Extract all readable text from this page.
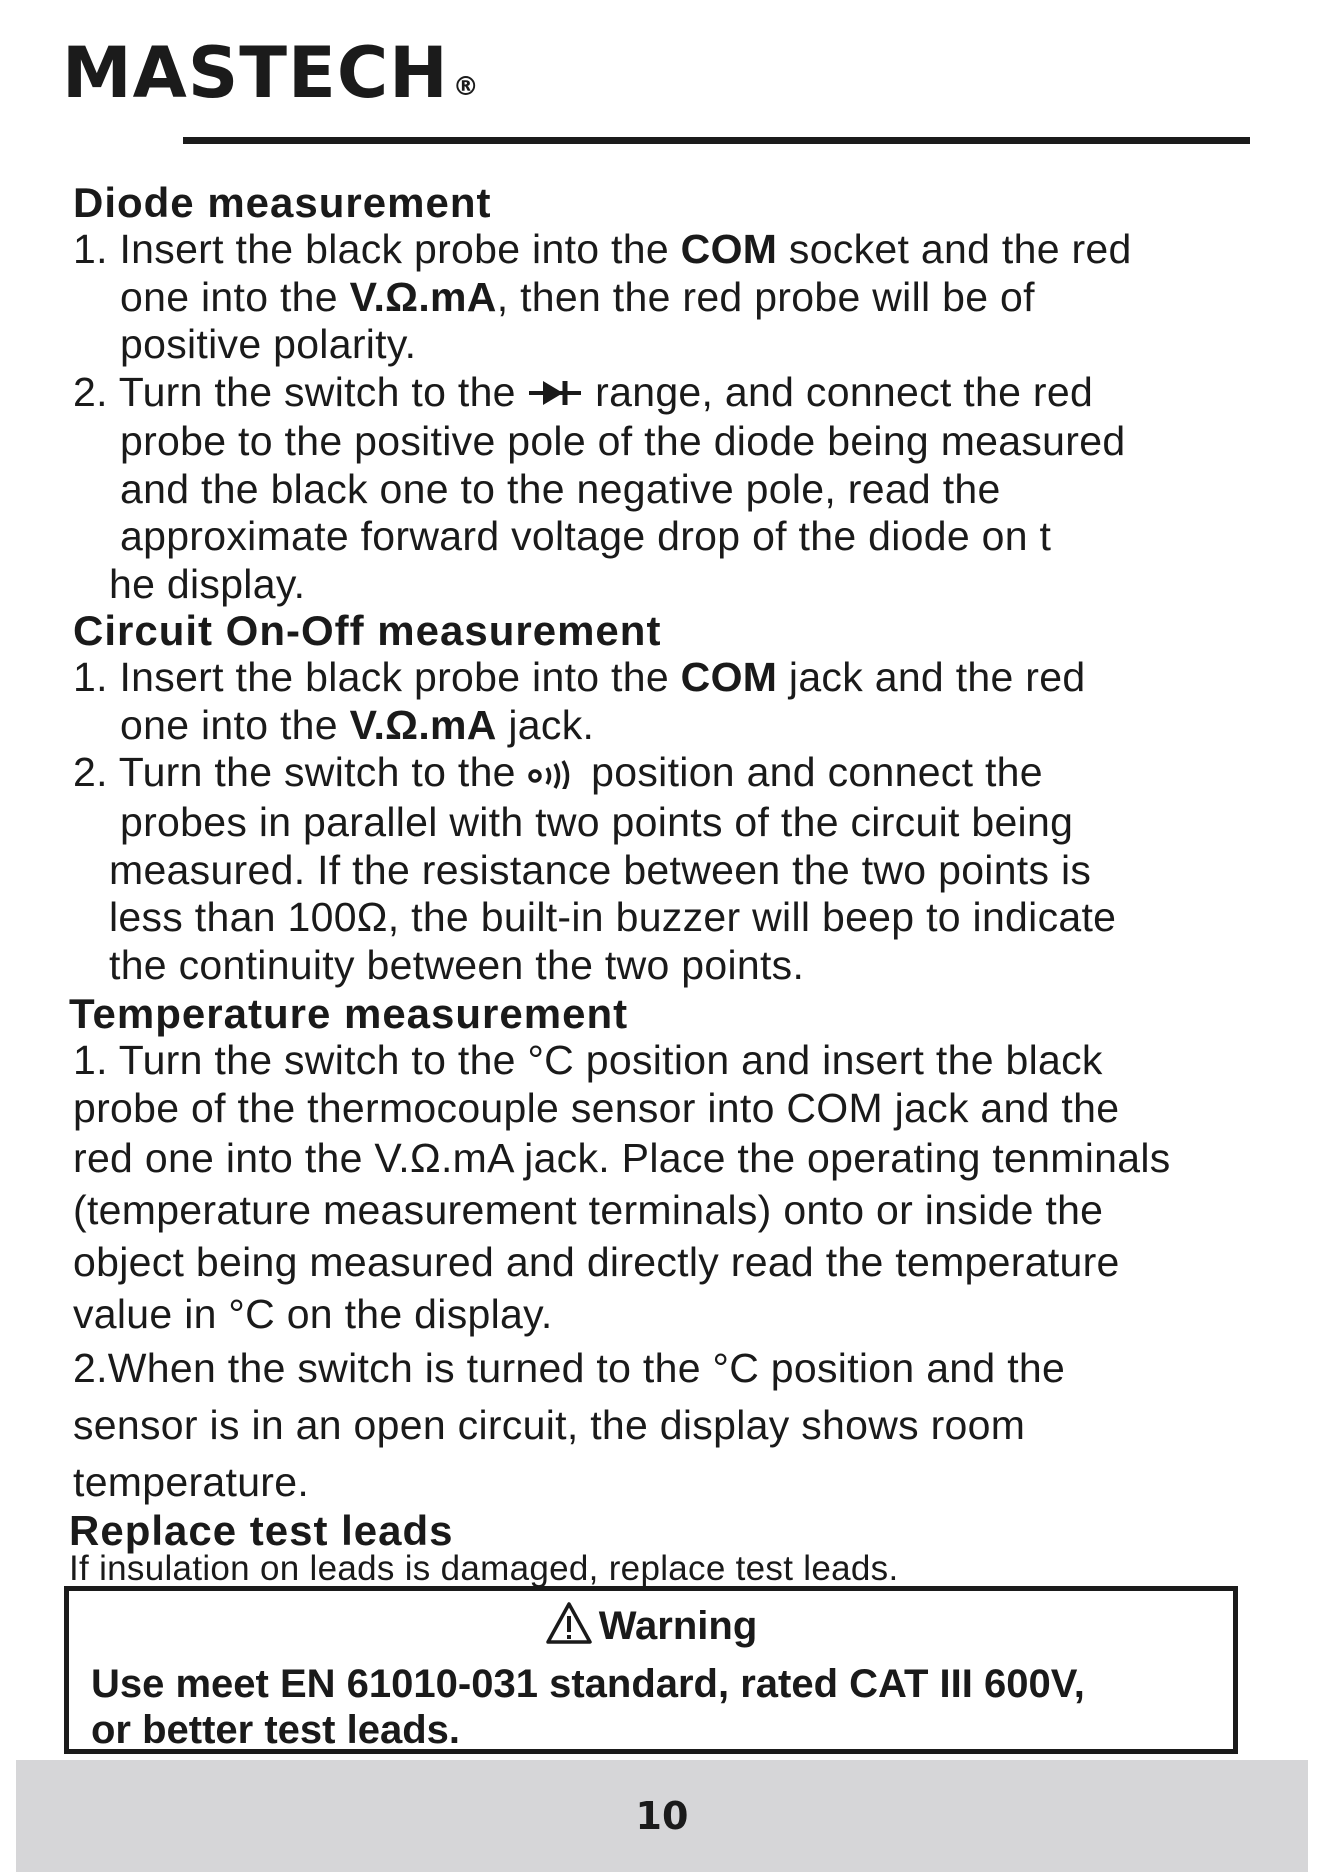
MASTECH ®
Diode measurement

1. Insert the black probe into the COM socket and the red

one into the V.Ω.mA, then the red probe will be of

positive polarity.

2. Turn the switch to the  range, and connect the red

probe to the positive pole of the diode being measured

and the black one to the negative pole, read the

approximate forward voltage drop of the diode on t

he display.

Circuit On-Off measurement

1. Insert the black probe into the COM jack and the red

one into the V.Ω.mA jack.

2. Turn the switch to the  position and connect the

probes in parallel with two points of the circuit being

measured. If the resistance between the two points is

less than 100Ω, the built-in buzzer will beep to indicate

the continuity between the two points.

Temperature measurement

1. Turn the switch to the °C position and insert the black

probe of the thermocouple sensor into COM jack and the

red one into the V.Ω.mA jack. Place the operating tenminals

(temperature measurement terminals) onto or inside the

object being measured and directly read the temperature

value in °C on the display.

2.When the switch is turned to the °C position and the

sensor is in an open circuit, the display shows room

temperature.

Replace test leads

If insulation on leads is damaged, replace test leads.

Warning
Use meet EN 61010-031 standard, rated CAT III 600V,
or better test leads.
10
